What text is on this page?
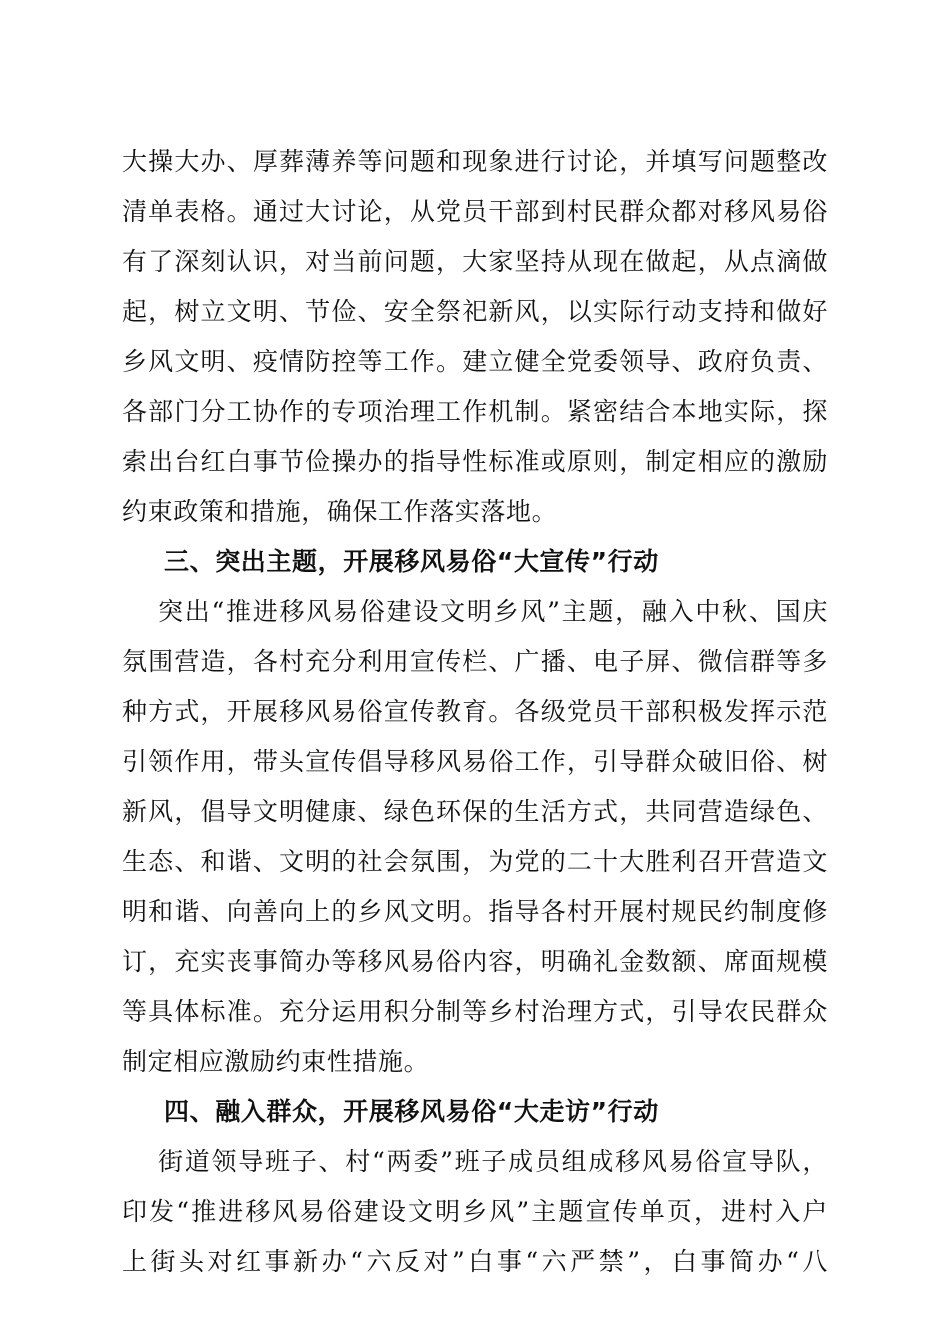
大操大办、厚葬薄养等问题和现象进行讨论，并填写问题整改
清单表格。通过大讨论，从党员干部到村民群众都对移风易俗
有了深刻认识，对当前问题，大家坚持从现在做起，从点滴做
起，树立文明、节俭、安全祭祀新风，以实际行动支持和做好
乡风文明、疫情防控等工作。建立健全党委领导、政府负责、
各部门分工协作的专项治理工作机制。紧密结合本地实际，探
索出台红白事节俭操办的指导性标准或原则，制定相应的激励
约束政策和措施，确保工作落实落地。
三、突出主题，开展移风易俗“大宣传”行动
突出“推进移风易俗建设文明乡风”主题，融入中秋、国庆
氛围营造，各村充分利用宣传栏、广播、电子屏、微信群等多
种方式，开展移风易俗宣传教育。各级党员干部积极发挥示范
引领作用，带头宣传倡导移风易俗工作，引导群众破旧俗、树
新风，倡导文明健康、绿色环保的生活方式，共同营造绿色、
生态、和谐、文明的社会氛围，为党的二十大胜利召开营造文
明和谐、向善向上的乡风文明。指导各村开展村规民约制度修
订，充实丧事简办等移风易俗内容，明确礼金数额、席面规模
等具体标准。充分运用积分制等乡村治理方式，引导农民群众
制定相应激励约束性措施。
四、融入群众，开展移风易俗“大走访”行动
街道领导班子、村“两委”班子成员组成移风易俗宣导队，
印发“推进移风易俗建设文明乡风”主题宣传单页，进村入户
上街头对红事新办“六反对”白事“六严禁”，白事简办“八
